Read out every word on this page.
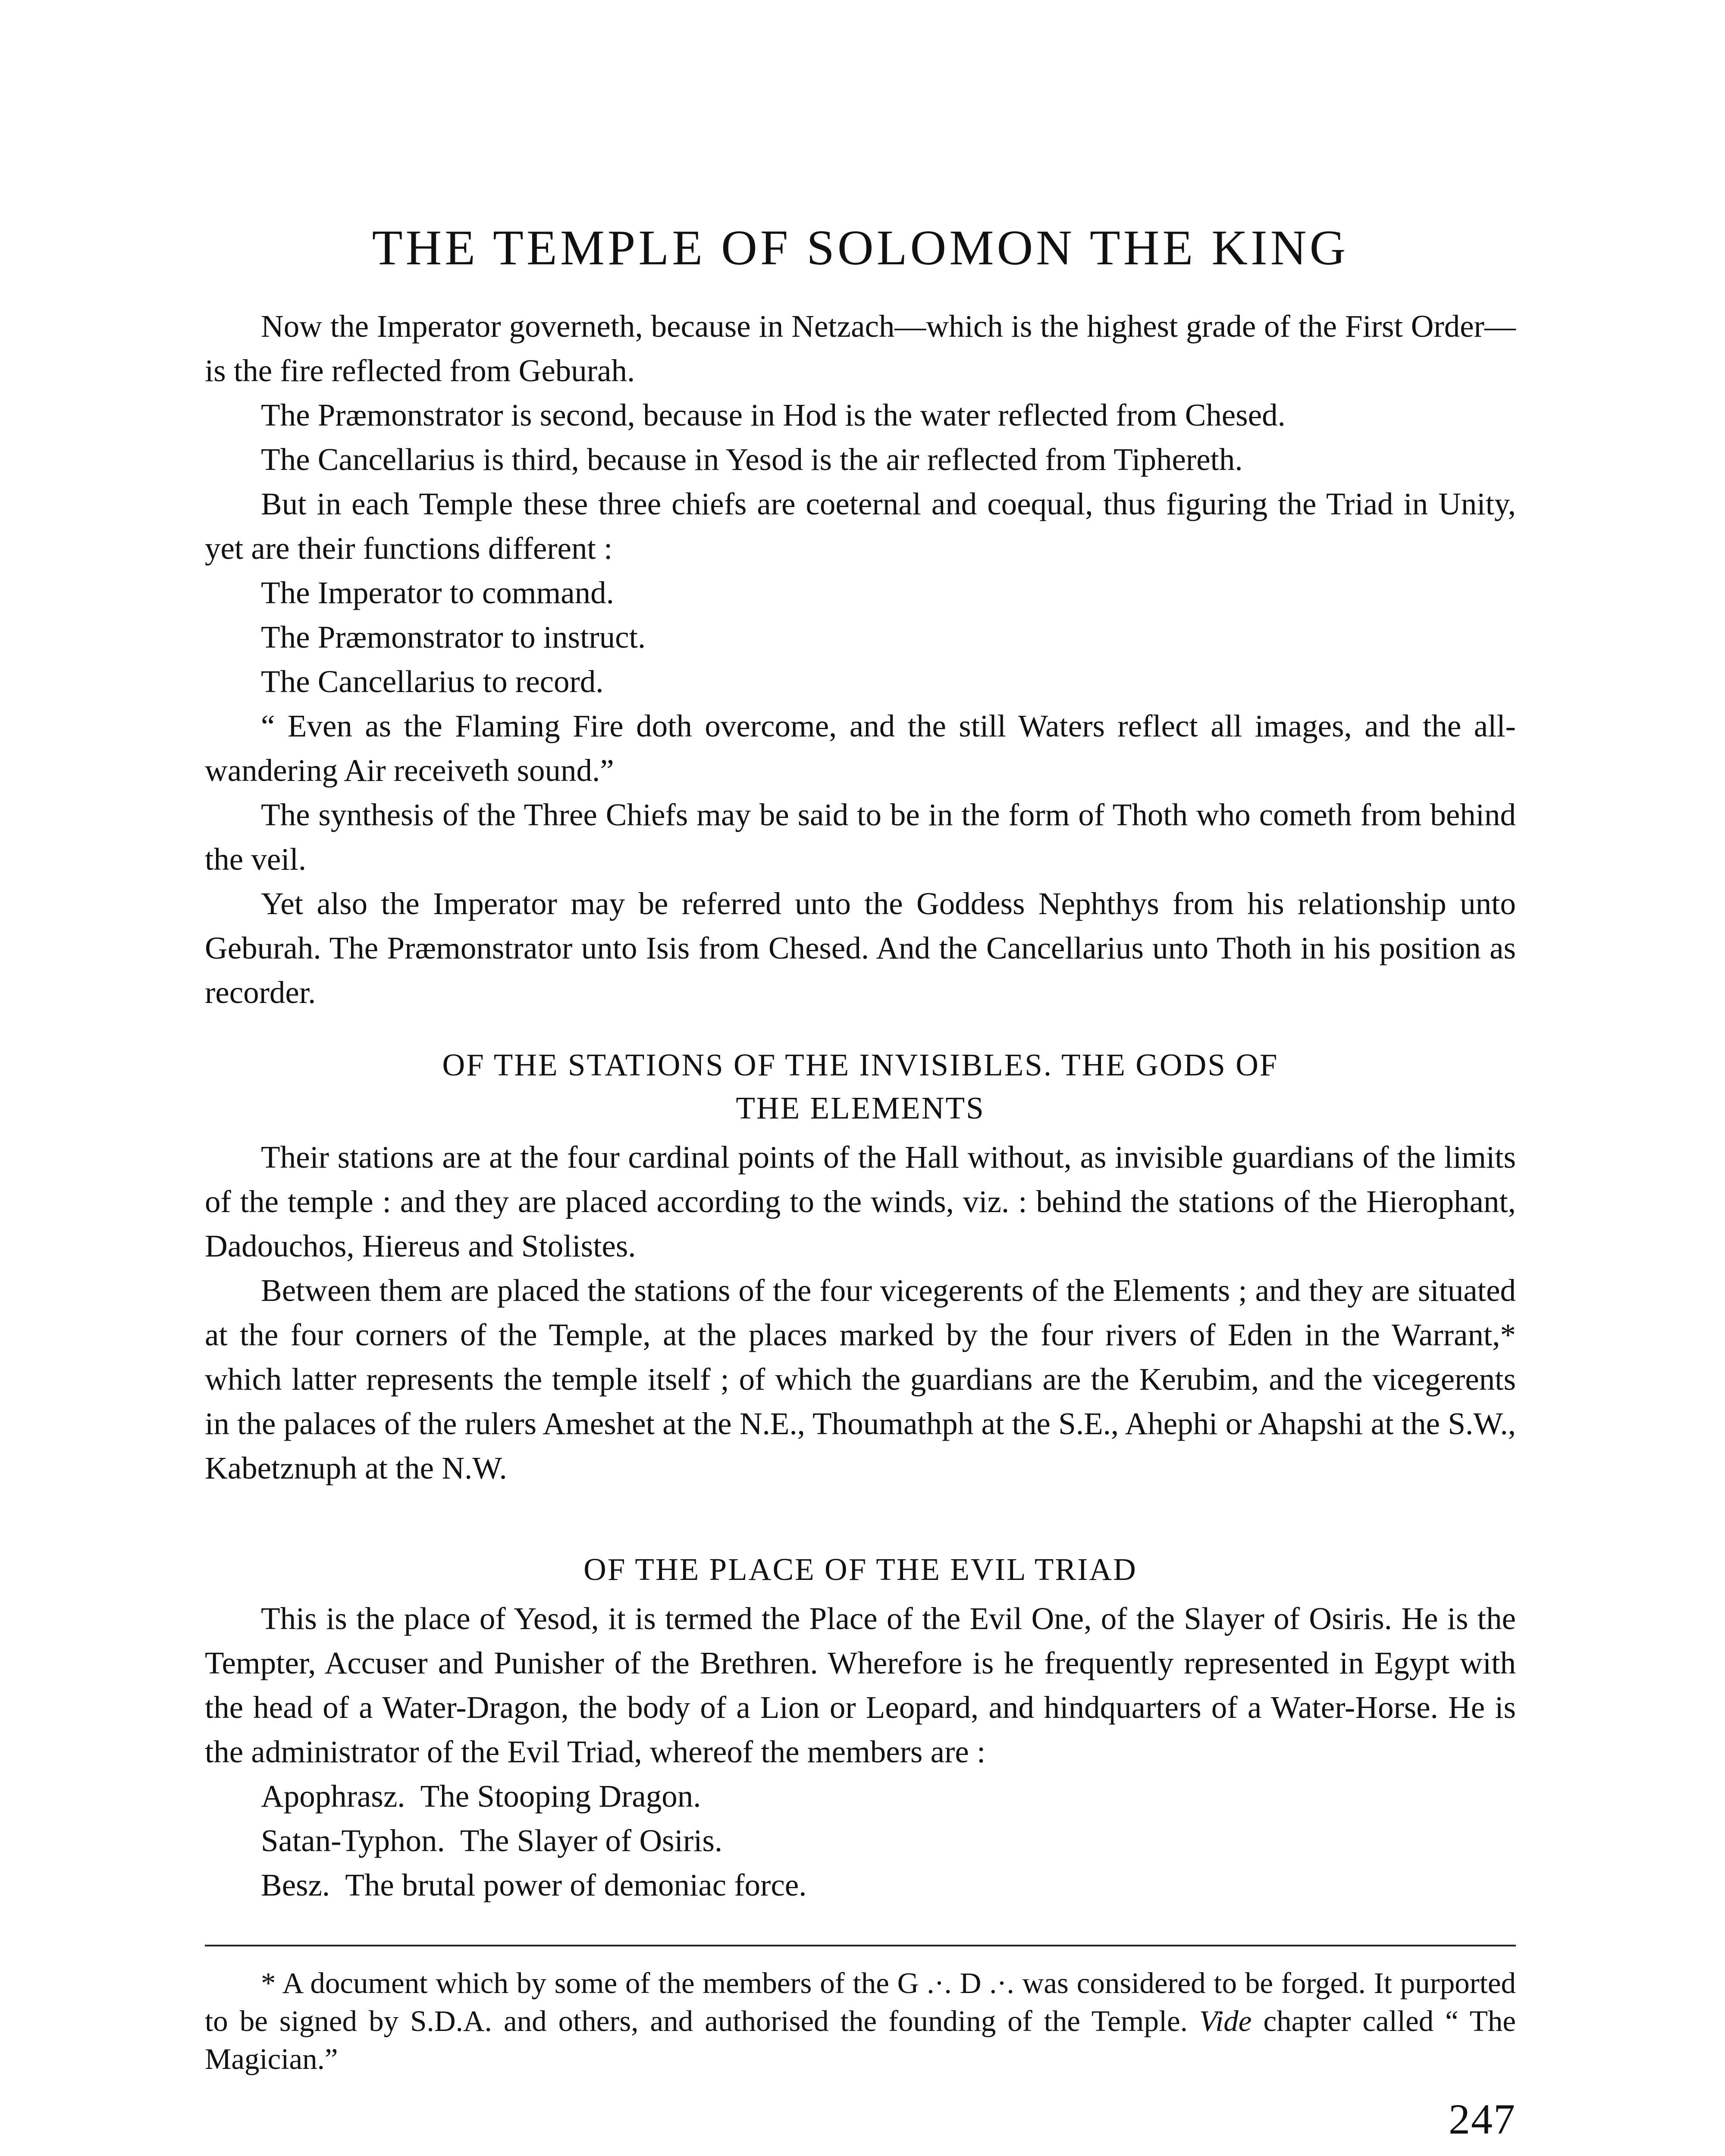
THE TEMPLE OF SOLOMON THE KING

Now the Imperator governeth, because in Netzach—which is the highest grade of the First Order—is the fire reflected from Geburah.

The Præmonstrator is second, because in Hod is the water reflected from Chesed.

The Cancellarius is third, because in Yesod is the air reflected from Tiphereth.

But in each Temple these three chiefs are coeternal and coequal, thus figuring the Triad in Unity, yet are their functions different :

The Imperator to command.

The Præmonstrator to instruct.

The Cancellarius to record.

“ Even as the Flaming Fire doth overcome, and the still Waters reflect all images, and the all-wandering Air receiveth sound.”

The synthesis of the Three Chiefs may be said to be in the form of Thoth who cometh from behind the veil.

Yet also the Imperator may be referred unto the Goddess Nephthys from his relationship unto Geburah. The Præmonstrator unto Isis from Chesed. And the Cancellarius unto Thoth in his position as recorder.

OF THE STATIONS OF THE INVISIBLES. THE GODS OF

THE ELEMENTS

Their stations are at the four cardinal points of the Hall without, as invisible guardians of the limits of the temple : and they are placed according to the winds, viz. : behind the stations of the Hierophant, Dadouchos, Hiereus and Stolistes.

Between them are placed the stations of the four vicegerents of the Elements ; and they are situated at the four corners of the Temple, at the places marked by the four rivers of Eden in the Warrant,* which latter represents the temple itself ; of which the guardians are the Kerubim, and the vicegerents in the palaces of the rulers Ameshet at the N.E., Thoumathph at the S.E., Ahephi or Ahapshi at the S.W., Kabetznuph at the N.W.

OF THE PLACE OF THE EVIL TRIAD

This is the place of Yesod, it is termed the Place of the Evil One, of the Slayer of Osiris. He is the Tempter, Accuser and Punisher of the Brethren. Wherefore is he frequently represented in Egypt with the head of a Water-Dragon, the body of a Lion or Leopard, and hindquarters of a Water-Horse. He is the administrator of the Evil Triad, whereof the members are :

Apophrasz.  The Stooping Dragon.

Satan-Typhon.  The Slayer of Osiris.

Besz.  The brutal power of demoniac force.

* A document which by some of the members of the G .·. D .·. was considered to be forged. It purported to be signed by S.D.A. and others, and authorised the founding of the Temple. Vide chapter called “ The Magician.”

247
